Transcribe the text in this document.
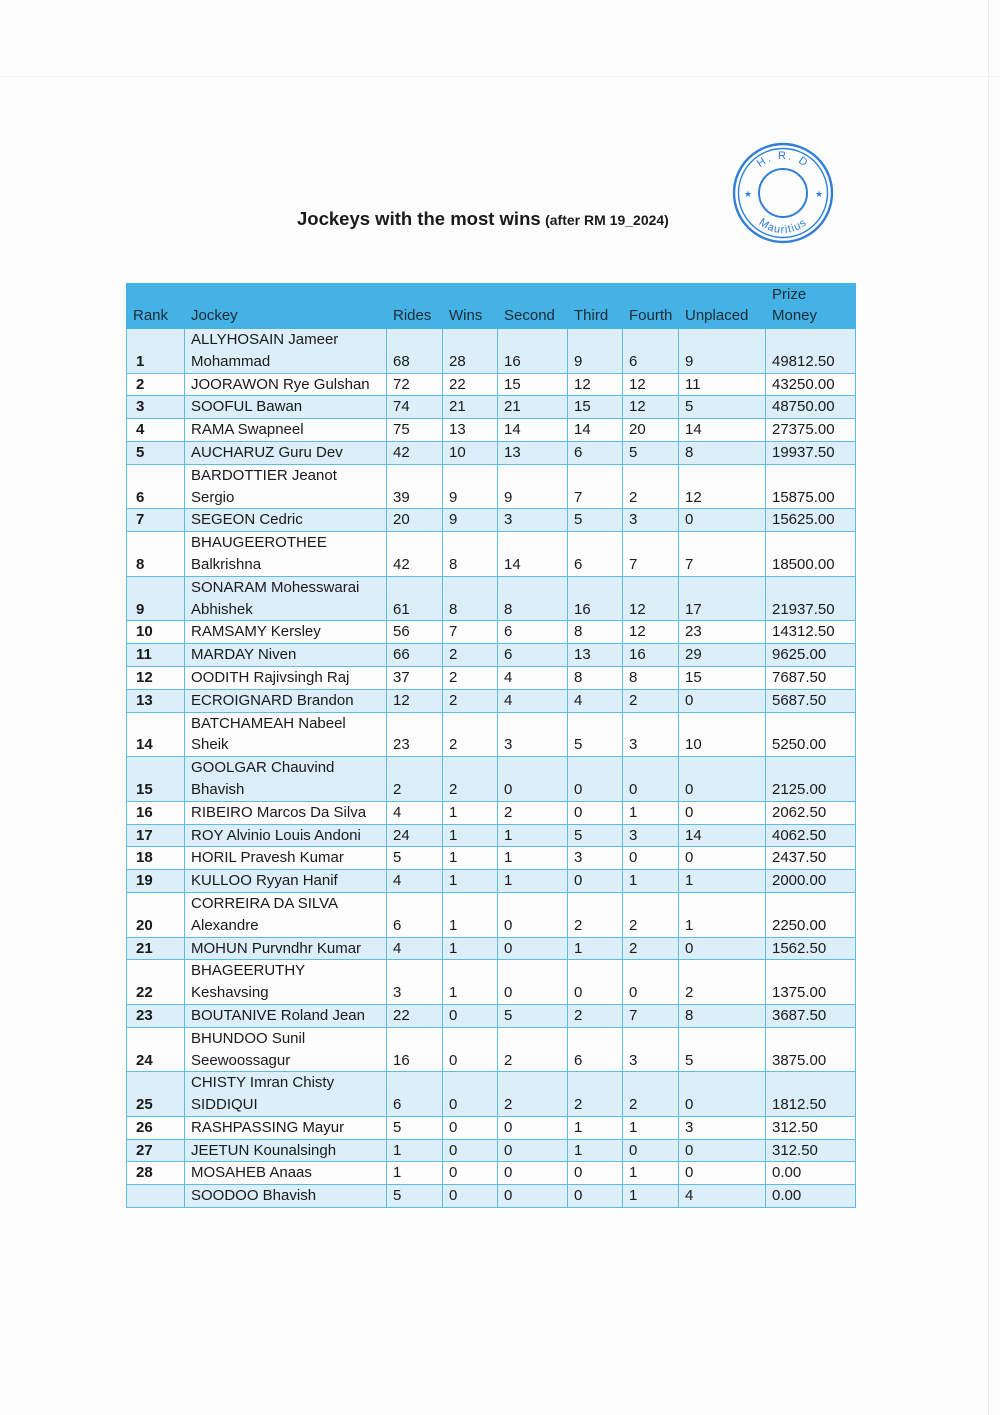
Jockeys with the most wins (after RM 19_2024)
H. R. D
Mauritius
★	★
Rank	Jockey	Rides	Wins	Second	Third	Fourth	Unplaced	Prize Money
1	ALLYHOSAIN Jameer Mohammad	68	28	16	9	6	9	49812.50
2	JOORAWON Rye Gulshan	72	22	15	12	12	11	43250.00
3	SOOFUL Bawan	74	21	21	15	12	5	48750.00
4	RAMA Swapneel	75	13	14	14	20	14	27375.00
5	AUCHARUZ Guru Dev	42	10	13	6	5	8	19937.50
6	BARDOTTIER Jeanot Sergio	39	9	9	7	2	12	15875.00
7	SEGEON Cedric	20	9	3	5	3	0	15625.00
8	BHAUGEEROTHEE Balkrishna	42	8	14	6	7	7	18500.00
9	SONARAM Mohesswarai Abhishek	61	8	8	16	12	17	21937.50
10	RAMSAMY Kersley	56	7	6	8	12	23	14312.50
11	MARDAY Niven	66	2	6	13	16	29	9625.00
12	OODITH Rajivsingh Raj	37	2	4	8	8	15	7687.50
13	ECROIGNARD Brandon	12	2	4	4	2	0	5687.50
14	BATCHAMEAH Nabeel Sheik	23	2	3	5	3	10	5250.00
15	GOOLGAR Chauvind Bhavish	2	2	0	0	0	0	2125.00
16	RIBEIRO Marcos Da Silva	4	1	2	0	1	0	2062.50
17	ROY Alvinio Louis Andoni	24	1	1	5	3	14	4062.50
18	HORIL Pravesh Kumar	5	1	1	3	0	0	2437.50
19	KULLOO Ryyan Hanif	4	1	1	0	1	1	2000.00
20	CORREIRA DA SILVA Alexandre	6	1	0	2	2	1	2250.00
21	MOHUN Purvndhr Kumar	4	1	0	1	2	0	1562.50
22	BHAGEERUTHY Keshavsing	3	1	0	0	0	2	1375.00
23	BOUTANIVE Roland Jean	22	0	5	2	7	8	3687.50
24	BHUNDOO Sunil Seewoossagur	16	0	2	6	3	5	3875.00
25	CHISTY Imran Chisty SIDDIQUI	6	0	2	2	2	0	1812.50
26	RASHPASSING Mayur	5	0	0	1	1	3	312.50
27	JEETUN Kounalsingh	1	0	0	1	0	0	312.50
28	MOSAHEB Anaas	1	0	0	0	1	0	0.00
	SOODOO Bhavish	5	0	0	0	1	4	0.00
